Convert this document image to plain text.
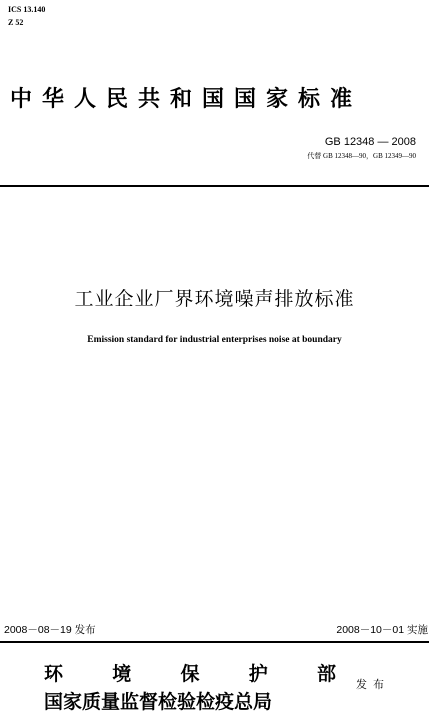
ICS 13.140
Z 52
中华人民共和国国家标准
GB 12348 — 2008
代替 GB 12348—90，GB 12349—90
工业企业厂界环境噪声排放标准
Emission standard for industrial enterprises noise at boundary
2008－08－19 发布	2008－10－01 实施
环　　境　　保　　护　　部
国家质量监督检验检疫总局
发布
